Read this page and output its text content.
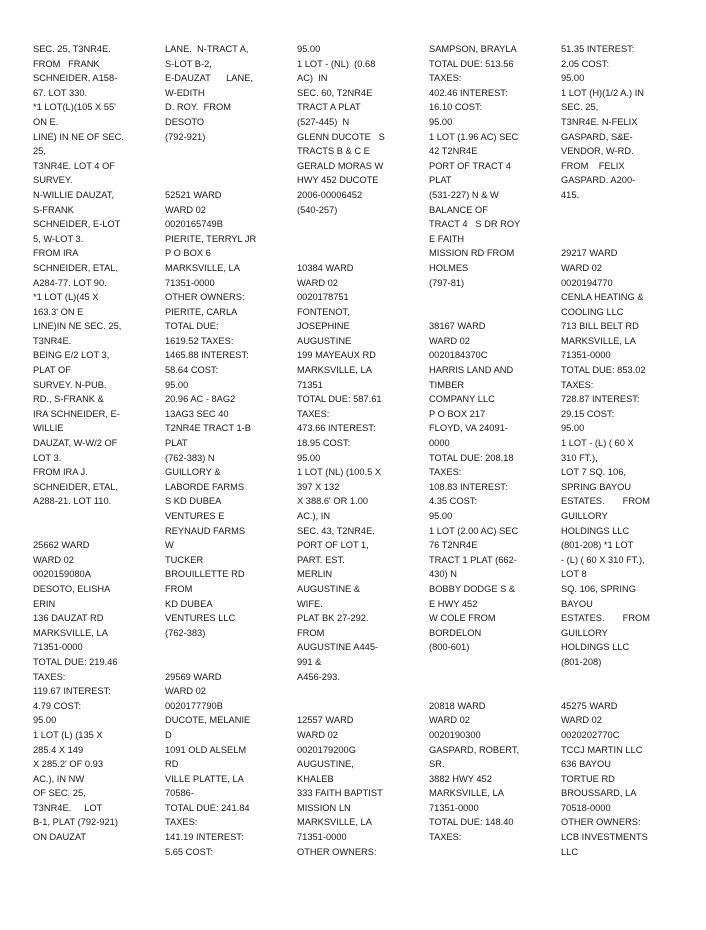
SEC. 25, T3NR4E.
FROM   FRANK
SCHNEIDER, A158-
67. LOT 330.
*1 LOT(L)(105 X 55'
ON E.
LINE) IN NE OF SEC.
25,
T3NR4E. LOT 4 OF
SURVEY.
N-WILLIE DAUZAT,
S-FRANK
SCHNEIDER, E-LOT
5, W-LOT 3.
FROM IRA
SCHNEIDER, ETAL,
A284-77. LOT 90.
*1 LOT (L)(45 X
163.3' ON E
LINE)IN NE SEC. 25,
T3NR4E.
BEING E/2 LOT 3,
PLAT OF
SURVEY. N-PUB.
RD., S-FRANK &
IRA SCHNEIDER, E-
WILLIE
DAUZAT, W-W/2 OF
LOT 3.
FROM IRA J.
SCHNEIDER, ETAL,
A288-21. LOT 110.
25662 WARD
WARD 02
0020159080A
DESOTO, ELISHA
ERIN
136 DAUZAT RD
MARKSVILLE, LA
71351-0000
TOTAL DUE: 219.46
TAXES:
119.67 INTEREST:
4.79 COST:
95.00
1 LOT (L) (135 X
285.4 X 149
X 285.2' OF 0.93
AC.), IN NW
OF SEC. 25,
T3NR4E.     LOT
B-1, PLAT (792-921)
ON DAUZAT
LANE.  N-TRACT A,
S-LOT B-2,
E-DAUZAT      LANE,
W-EDITH
D. ROY.  FROM
DESOTO
(792-921)
52521 WARD
WARD 02
0020165749B
PIERITE, TERRYL JR
P O BOX 6
MARKSVILLE, LA
71351-0000
OTHER OWNERS:
PIERITE, CARLA
TOTAL DUE:
1619.52 TAXES:
1465.88 INTEREST:
58.64 COST:
95.00
20.96 AC - 8AG2
13AG3 SEC 40
T2NR4E TRACT 1-B
PLAT
(762-383) N
GUILLORY &
LABORDE FARMS
S KD DUBEA
VENTURES E
REYNAUD FARMS
W
TUCKER
BROUILLETTE RD
FROM
KD DUBEA
VENTURES LLC
(762-383)
29569 WARD
WARD 02
0020177790B
DUCOTE, MELANIE
D
1091 OLD ALSELM
RD
VILLE PLATTE, LA
70586-
TOTAL DUE: 241.84
TAXES:
141.19 INTEREST:
5.65 COST:
95.00
1 LOT - (NL)  (0.68
AC)  IN
SEC. 60, T2NR4E
TRACT A PLAT
(527-445)  N
GLENN DUCOTE   S
TRACTS B & C E
GERALD MORAS W
HWY 452 DUCOTE
2006-00006452
(540-257)
10384 WARD
WARD 02
0020178751
FONTENOT,
JOSEPHINE
AUGUSTINE
199 MAYEAUX RD
MARKSVILLE, LA
71351
TOTAL DUE: 587.61
TAXES:
473.66 INTEREST:
18.95 COST:
95.00
1 LOT (NL) (100.5 X
397 X 132
X 388.6' OR 1.00
AC.), IN
SEC. 43, T2NR4E.
PORT OF LOT 1,
PART. EST.
MERLIN
AUGUSTINE &
WIFE.
PLAT BK 27-292.
FROM
AUGUSTINE A445-
991 &
A456-293.
12557 WARD
WARD 02
0020179200G
AUGUSTINE,
KHALEB
333 FAITH BAPTIST
MISSION LN
MARKSVILLE, LA
71351-0000
OTHER OWNERS:
SAMPSON, BRAYLA
TOTAL DUE: 513.56
TAXES:
402.46 INTEREST:
16.10 COST:
95.00
1 LOT (1.96 AC) SEC
42 T2NR4E
PORT OF TRACT 4
PLAT
(531-227) N & W
BALANCE OF
TRACT 4   S DR ROY
E FAITH
MISSION RD FROM
HOLMES
(797-81)
38167 WARD
WARD 02
0020184370C
HARRIS LAND AND
TIMBER
COMPANY LLC
P O BOX 217
FLOYD, VA 24091-
0000
TOTAL DUE: 208.18
TAXES:
108.83 INTEREST:
4.35 COST:
95.00
1 LOT (2.00 AC) SEC
76 T2NR4E
TRACT 1 PLAT (662-
430) N
BOBBY DODGE S &
E HWY 452
W COLE FROM
BORDELON
(800-601)
20818 WARD
WARD 02
0020190300
GASPARD, ROBERT,
SR.
3882 HWY 452
MARKSVILLE, LA
71351-0000
TOTAL DUE: 148.40
TAXES:
51.35 INTEREST:
2.05 COST:
95.00
1 LOT (H)(1/2 A.) IN
SEC. 25,
T3NR4E. N-FELIX
GASPARD, S&E-
VENDOR, W-RD.
FROM    FELIX
GASPARD. A200-
415.
29217 WARD
WARD 02
0020194770
CENLA HEATING &
COOLING LLC
713 BILL BELT RD
MARKSVILLE, LA
71351-0000
TOTAL DUE: 853.02
TAXES:
728.87 INTEREST:
29.15 COST:
95.00
1 LOT - (L) ( 60 X
310 FT.),
LOT 7 SQ. 106,
SPRING BAYOU
ESTATES.       FROM
GUILLORY
HOLDINGS LLC
(801-208) *1 LOT
- (L) ( 60 X 310 FT.),
LOT 8
SQ. 106, SPRING
BAYOU
ESTATES.       FROM
GUILLORY
HOLDINGS LLC
(801-208)
45275 WARD
WARD 02
0020202770C
TCCJ MARTIN LLC
636 BAYOU
TORTUE RD
BROUSSARD, LA
70518-0000
OTHER OWNERS:
LCB INVESTMENTS
LLC
